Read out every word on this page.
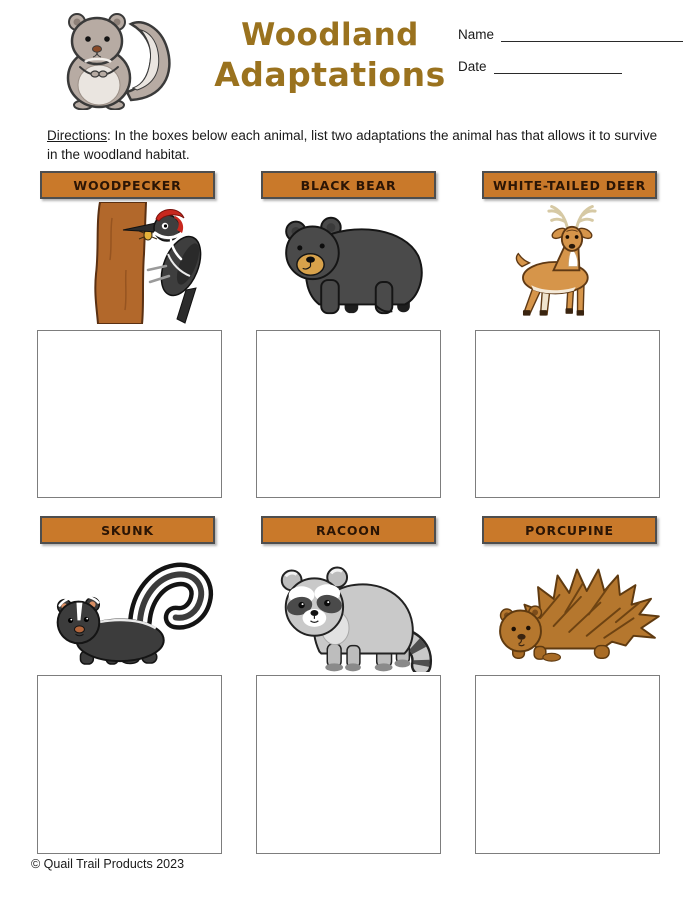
Woodland
Adaptations
Name
Date

Directions: In the boxes below each animal, list two adaptations the animal has that allows it to survive in the woodland habitat.

WOODPECKER	BLACK BEAR	WHITE-TAILED DEER
SKUNK	RACOON	PORCUPINE
© Quail Trail Products 2023
